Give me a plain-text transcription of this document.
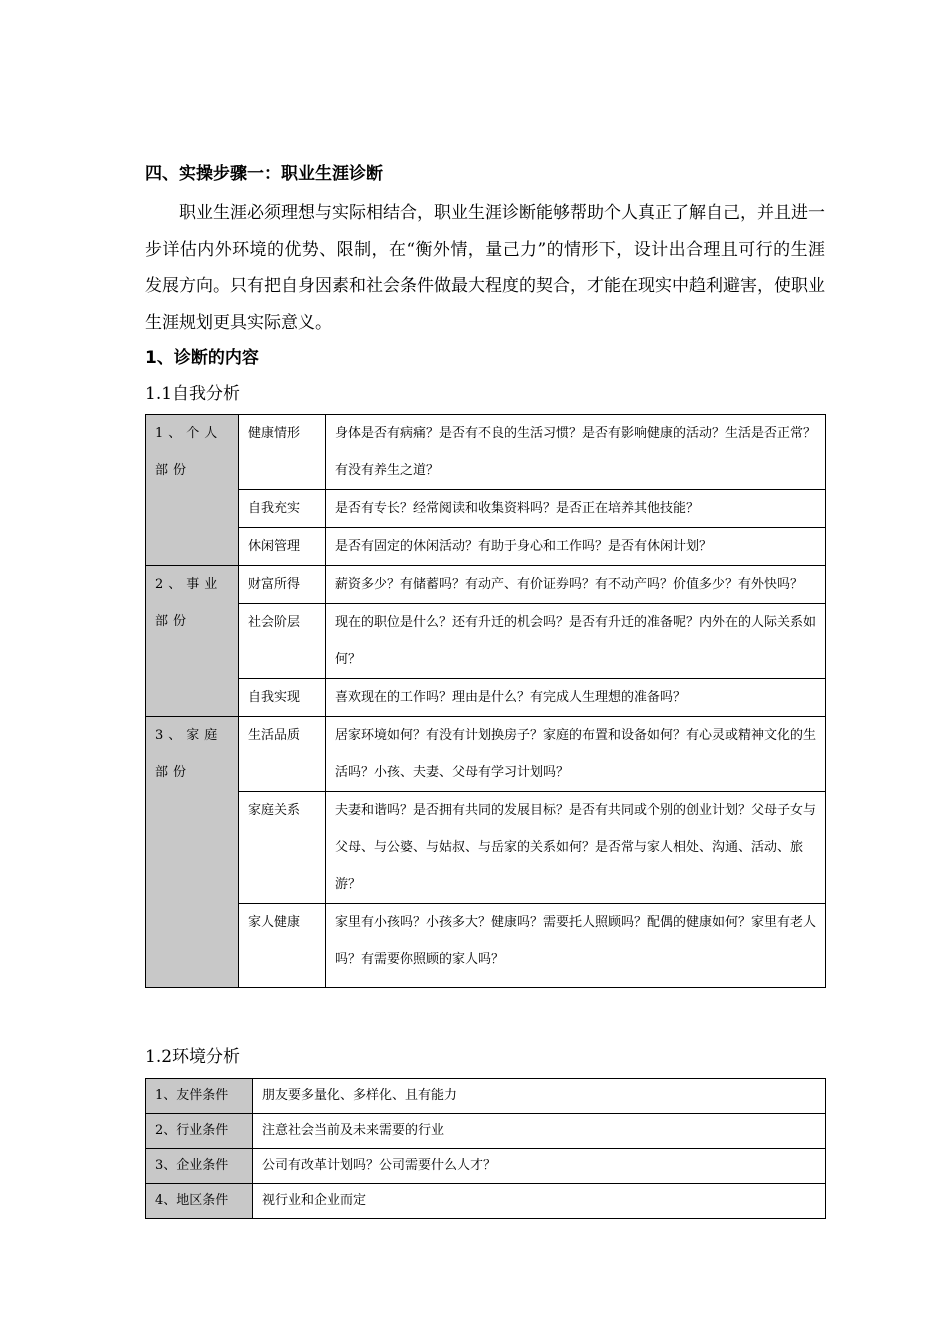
四、实操步骤一：职业生涯诊断

职业生涯必须理想与实际相结合，职业生涯诊断能够帮助个人真正了解自己，并且进一步详估内外环境的优势、限制，在“衡外情，量己力”的情形下，设计出合理且可行的生涯发展方向。只有把自身因素和社会条件做最大程度的契合，才能在现实中趋利避害，使职业生涯规划更具实际意义。

1、诊断的内容
1.1自我分析
1、个人部份	健康情形	身体是否有病痛？是否有不良的生活习惯？是否有影响健康的活动？生活是否正常？有没有养生之道？
	自我充实	是否有专长？经常阅读和收集资料吗？是否正在培养其他技能？
	休闲管理	是否有固定的休闲活动？有助于身心和工作吗？是否有休闲计划？
2、事业部份	财富所得	薪资多少？有储蓄吗？有动产、有价证券吗？有不动产吗？价值多少？有外快吗？
	社会阶层	现在的职位是什么？还有升迁的机会吗？是否有升迁的准备呢？内外在的人际关系如何？
	自我实现	喜欢现在的工作吗？理由是什么？有完成人生理想的准备吗？
3、家庭部份	生活品质	居家环境如何？有没有计划换房子？家庭的布置和设备如何？有心灵或精神文化的生活吗？小孩、夫妻、父母有学习计划吗？
	家庭关系	夫妻和谐吗？是否拥有共同的发展目标？是否有共同或个别的创业计划？父母子女与父母、与公婆、与姑叔、与岳家的关系如何？是否常与家人相处、沟通、活动、旅游？
	家人健康	家里有小孩吗？小孩多大？健康吗？需要托人照顾吗？配偶的健康如何？家里有老人吗？有需要你照顾的家人吗？
1.2环境分析
1、友伴条件	朋友要多量化、多样化、且有能力
2、行业条件	注意社会当前及未来需要的行业
3、企业条件	公司有改革计划吗？公司需要什么人才？
4、地区条件	视行业和企业而定
